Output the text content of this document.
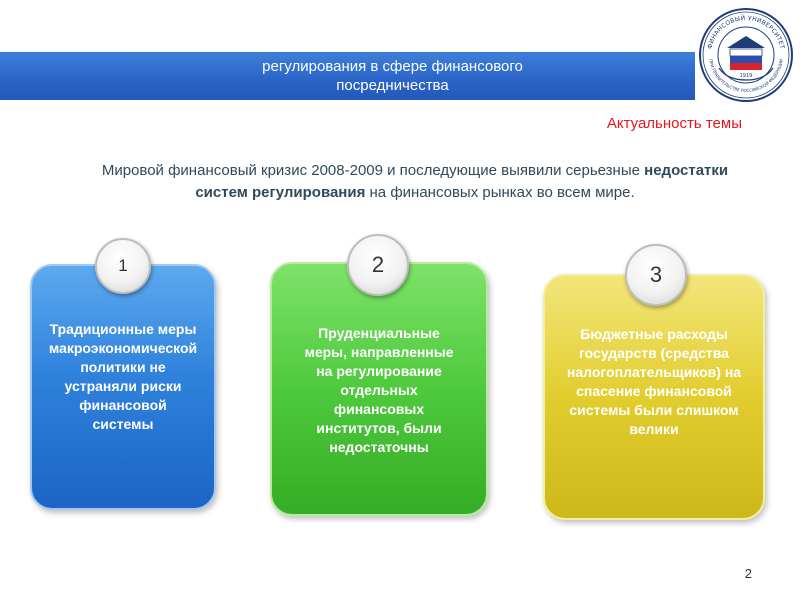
регулирования в сфере финансового
посредничества
ФИНАНСОВЫЙ УНИВЕРСИТЕТ
ПРИ ПРАВИТЕЛЬСТВЕ РОССИЙСКОЙ ФЕДЕРАЦИИ
1919
Актуальность темы
Мировой финансовый кризис 2008-2009 и последующие выявили серьезные недостатки систем регулирования на финансовых рынках во всем мире.
Традиционные меры
макроэкономической
политики не
устраняли риски
финансовой
системы
1
Пруденциальные
меры, направленные
на регулирование
отдельных
финансовых
институтов, были
недостаточны
2
Бюджетные расходы
государств (средства
налогоплательщиков) на
спасение финансовой
системы были слишком
велики
3
2
